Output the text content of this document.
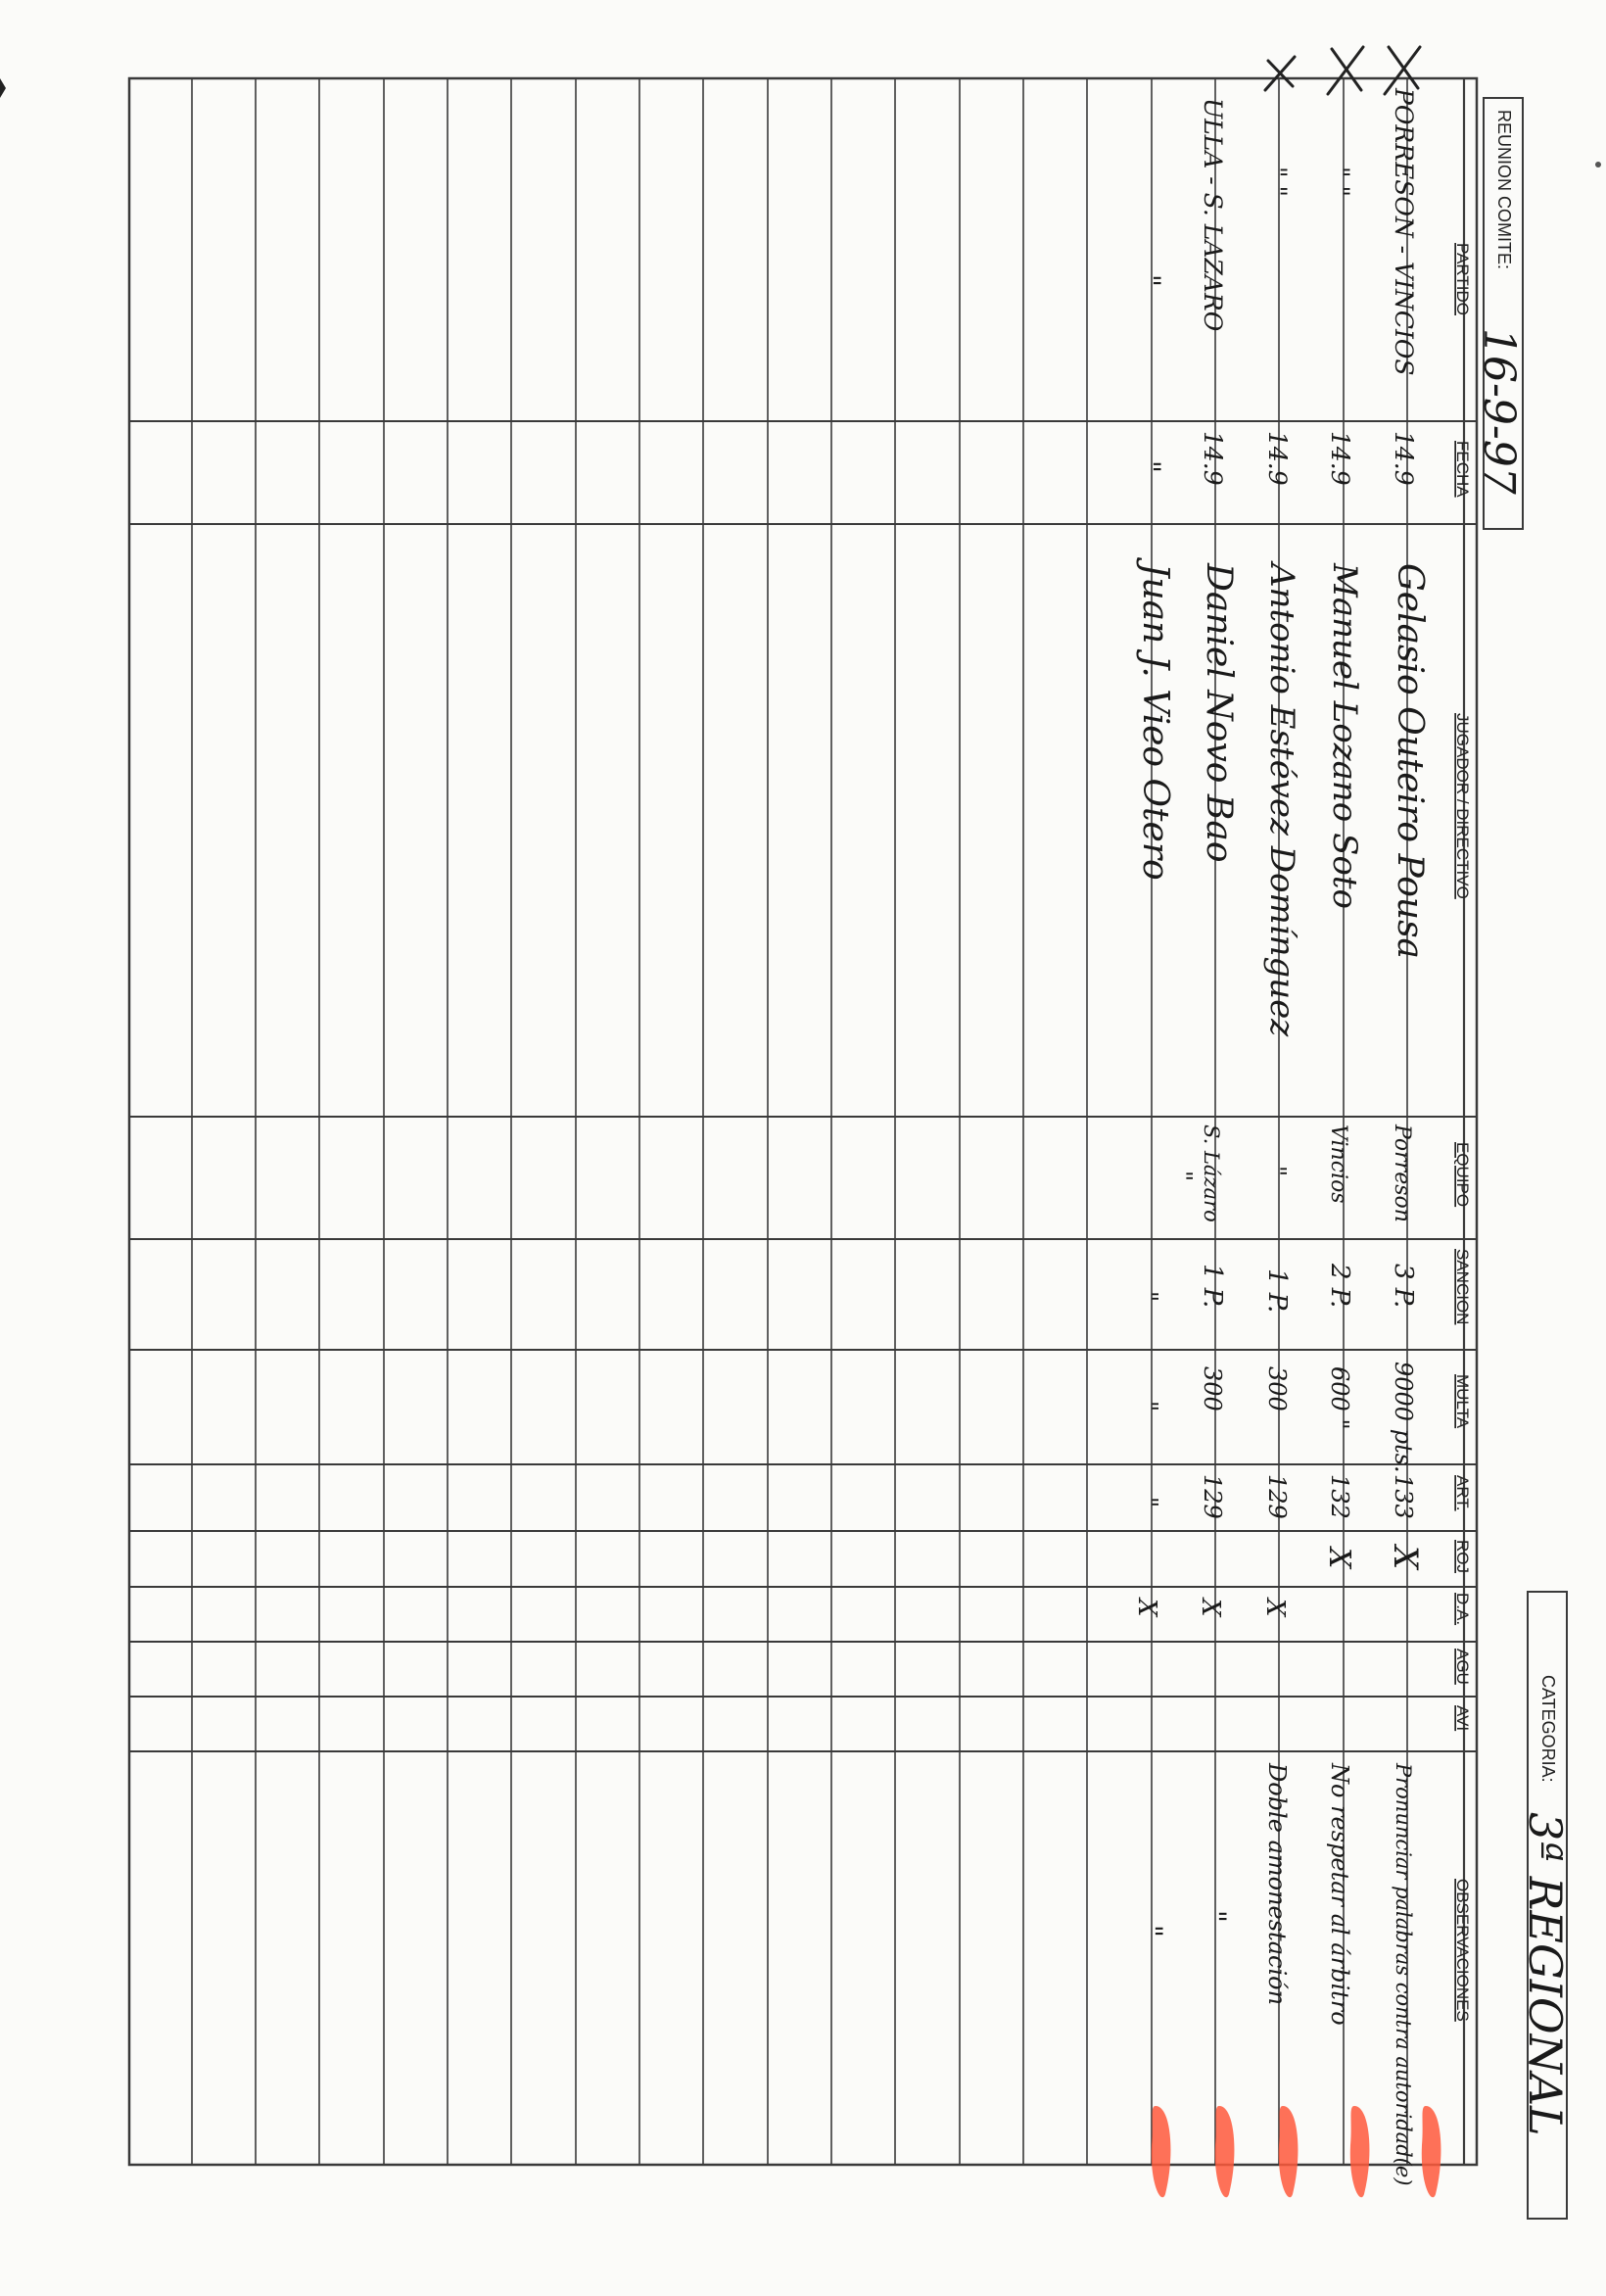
REUNION COMITE:
16-9-97
CATEGORIA:
3ª REGIONAL
PARTIDO
FECHA
JUGADOR / DIRECTIVO
EQUIPO
SANCION
MULTA
ART.
ROJ
D.A.
AGU
AVI
OBSERVACIONES
PORRESON - VINCIOS
14.9
Gelasio Outeiro Pousa
Porreson
3 P.
9000 pts.
133
X
Pronunciar palabras contra autoridad(e)
" "
14.9
Manuel Lozano Soto
Vincios
2 P.
600 "
132
X
No respetar al árbitro
" "
14.9
Antonio Estévez Domínguez
"
1 P.
300
129
X
Doble amonestación
ULLA - S. LAZARO
14.9
Daniel Novo Bao
S. Lázaro
1 P.
300
129
X
"
"
"
Juan J. Vieo Otero
"
"
"
"
X
"
